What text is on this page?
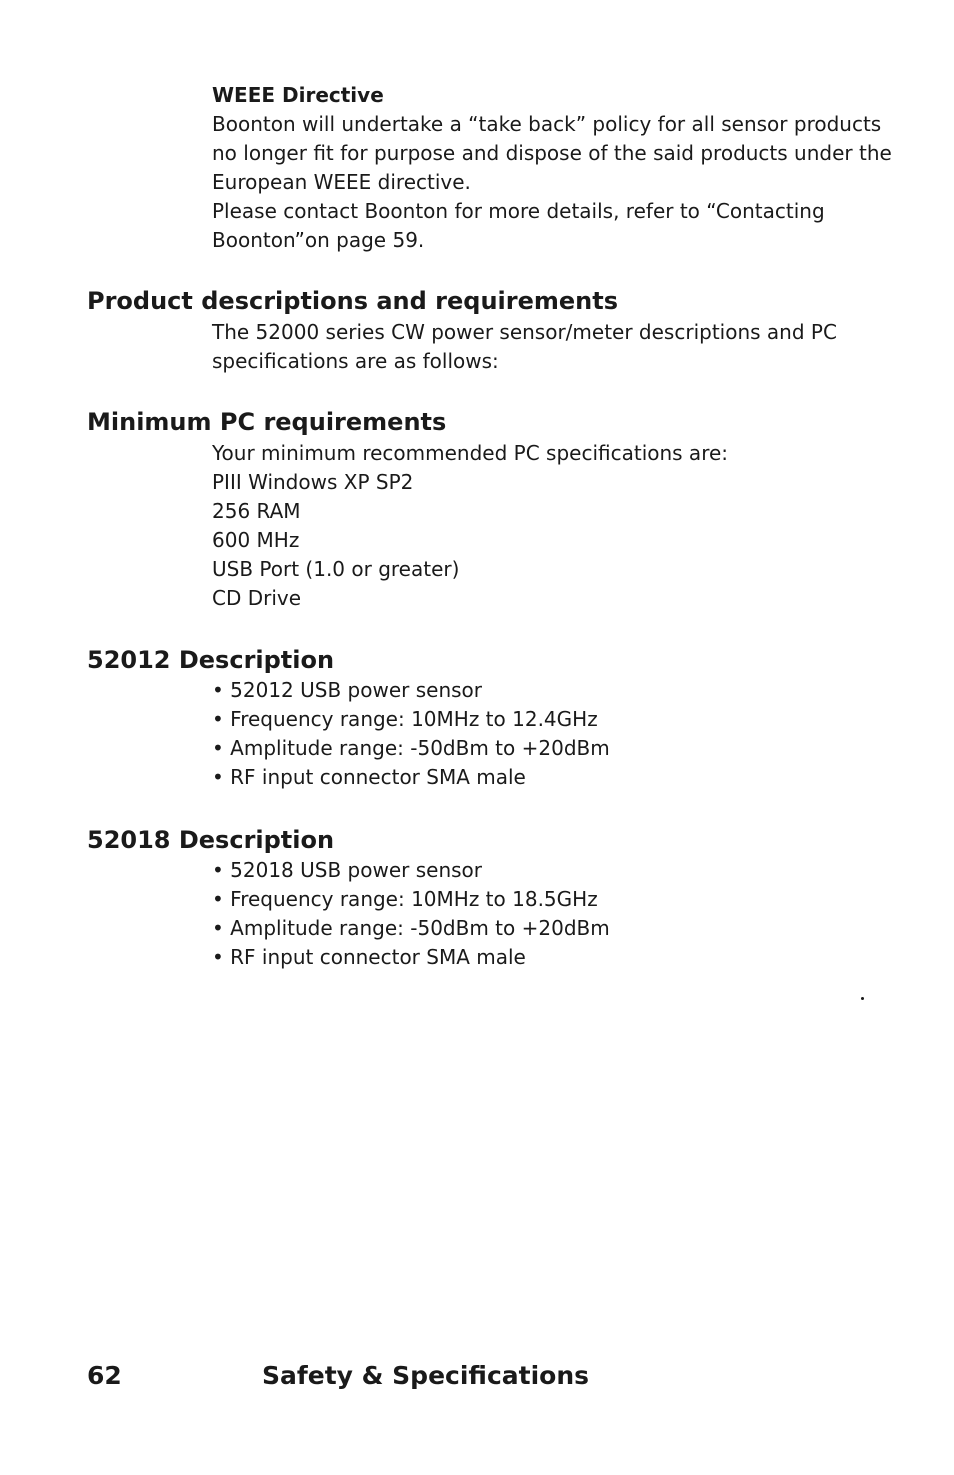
WEEE Directive
Boonton will undertake a “take back” policy for all sensor products
no longer fit for purpose and dispose of the said products under the
European WEEE directive.
Please contact Boonton for more details, refer to “Contacting
Boonton”on page 59.
Product descriptions and requirements
The 52000 series CW power sensor/meter descriptions and PC
specifications are as follows:
Minimum PC requirements
Your minimum recommended PC specifications are:
PIII Windows XP SP2
256 RAM
600 MHz
USB Port (1.0 or greater)
CD Drive
52012 Description
• 52012 USB power sensor
• Frequency range: 10MHz to 12.4GHz
• Amplitude range: -50dBm to +20dBm
• RF input connector SMA male
52018 Description
• 52018 USB power sensor
• Frequency range: 10MHz to 18.5GHz
• Amplitude range: -50dBm to +20dBm
• RF input connector SMA male
62	Safety & Specifications
